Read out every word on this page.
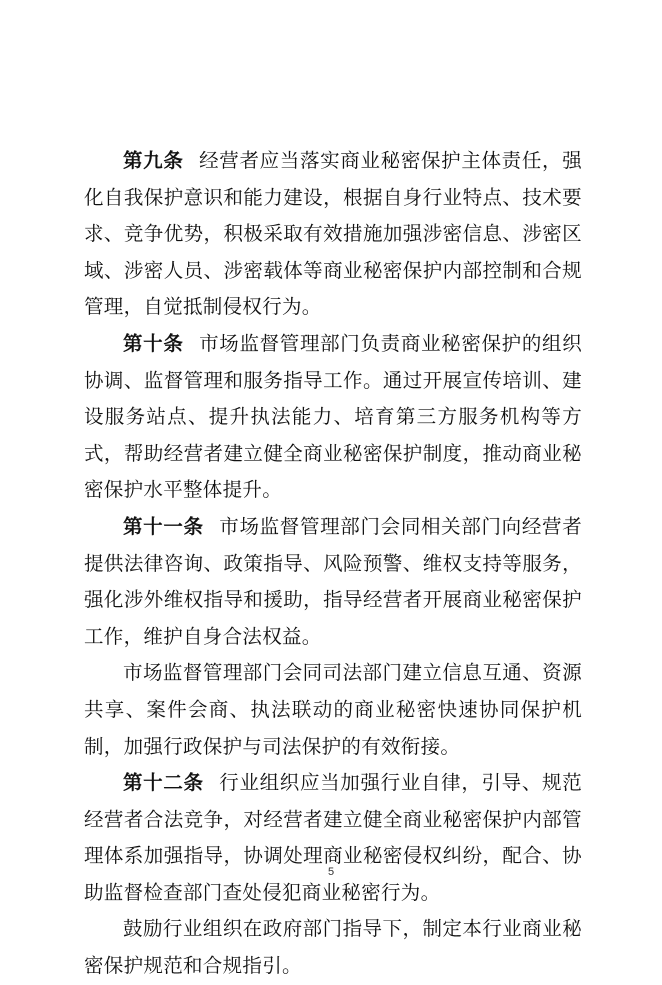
第九条 经营者应当落实商业秘密保护主体责任，强化自我保护意识和能力建设，根据自身行业特点、技术要求、竞争优势，积极采取有效措施加强涉密信息、涉密区域、涉密人员、涉密载体等商业秘密保护内部控制和合规管理，自觉抵制侵权行为。

第十条 市场监督管理部门负责商业秘密保护的组织协调、监督管理和服务指导工作。通过开展宣传培训、建设服务站点、提升执法能力、培育第三方服务机构等方式，帮助经营者建立健全商业秘密保护制度，推动商业秘密保护水平整体提升。

第十一条 市场监督管理部门会同相关部门向经营者提供法律咨询、政策指导、风险预警、维权支持等服务，强化涉外维权指导和援助，指导经营者开展商业秘密保护工作，维护自身合法权益。

市场监督管理部门会同司法部门建立信息互通、资源共享、案件会商、执法联动的商业秘密快速协同保护机制，加强行政保护与司法保护的有效衔接。

第十二条 行业组织应当加强行业自律，引导、规范经营者合法竞争，对经营者建立健全商业秘密保护内部管理体系加强指导，协调处理商业秘密侵权纠纷，配合、协助监督检查部门查处侵犯商业秘密行为。

鼓励行业组织在政府部门指导下，制定本行业商业秘密保护规范和合规指引。

5
